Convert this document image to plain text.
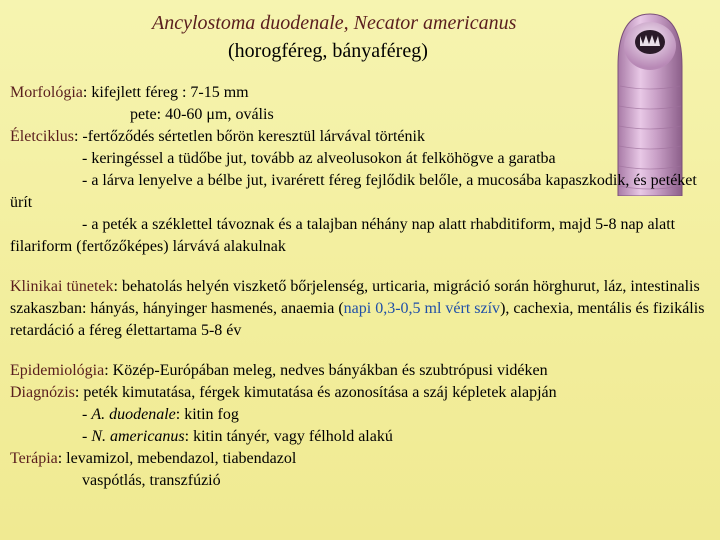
Ancylostoma duodenale, Necator americanus
(horogféreg, bányaféreg)
Morfológia: kifejlett féreg : 7-15 mm
pete: 40-60 μm, ovális
Életciklus: -fertőződés sértetlen bőrön keresztül lárvával történik
- keringéssel a tüdőbe jut, tovább az alveolusokon át felköhögve a garatba
- a lárva lenyelve a bélbe jut, ivarérett féreg fejlődik belőle, a mucosába kapaszkodik, és petéket ürít
- a peték a széklettel távoznak és a talajban néhány nap alatt rhabditiform, majd 5-8 nap alatt filariform (fertőzőképes) lárvává alakulnak
Klinikai tünetek: behatolás helyén viszkető bőrjelenség, urticaria, migráció során hörghurut, láz, intestinalis szakaszban: hányás, hányinger hasmenés, anaemia (napi 0,3-0,5 ml vért szív), cachexia, mentális és fizikális retardáció a féreg élettartama 5-8 év
Epidemiológia: Közép-Európában meleg, nedves bányákban és szubtrópusi vidéken
Diagnózis: peték kimutatása, férgek kimutatása és azonosítása a száj képletek alapján
- A. duodenale: kitin fog
- N. americanus: kitin tányér, vagy félhold alakú
Terápia: levamizol, mebendazol, tiabendazol
vaspótlás, transzfúzió
